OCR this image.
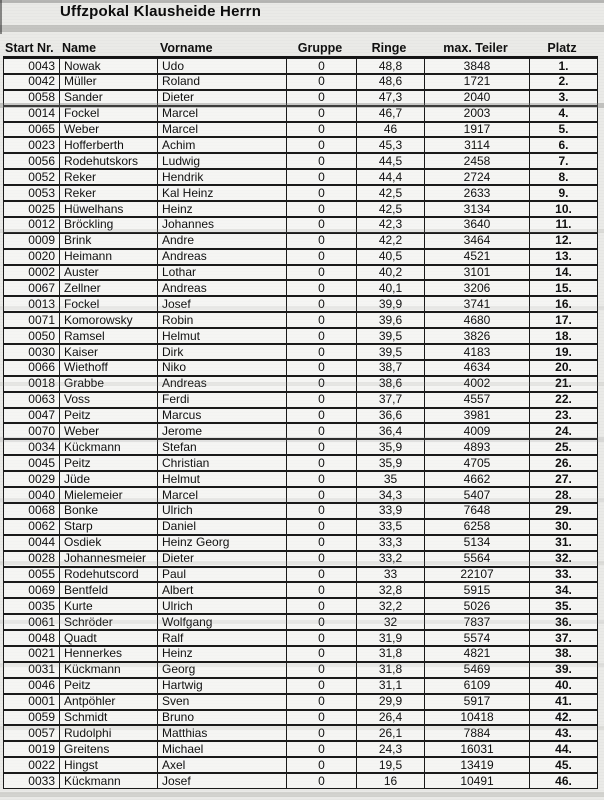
Uffzpokal Klausheide Herrn
Start Nr. Name	Vorname	Gruppe	Ringe	max. Teiler	Platz
0043 Nowak	Udo	0	48,8	3848	1.
0042 Müller	Roland	0	48,6	1721	2.
0058 Sander	Dieter	0	47,3	2040	3.
0014 Fockel	Marcel	0	46,7	2003	4.
0065 Weber	Marcel	0	46	1917	5.
0023 Hofferberth	Achim	0	45,3	3114	6.
0056 Rodehutskors	Ludwig	0	44,5	2458	7.
0052 Reker	Hendrik	0	44,4	2724	8.
0053 Reker	Kal Heinz	0	42,5	2633	9.
0025 Hüwelhans	Heinz	0	42,5	3134	10.
0012 Bröckling	Johannes	0	42,3	3640	11.
0009 Brink	Andre	0	42,2	3464	12.
0020 Heimann	Andreas	0	40,5	4521	13.
0002 Auster	Lothar	0	40,2	3101	14.
0067 Zellner	Andreas	0	40,1	3206	15.
0013 Fockel	Josef	0	39,9	3741	16.
0071 Komorowsky	Robin	0	39,6	4680	17.
0050 Ramsel	Helmut	0	39,5	3826	18.
0030 Kaiser	Dirk	0	39,5	4183	19.
0066 Wiethoff	Niko	0	38,7	4634	20.
0018 Grabbe	Andreas	0	38,6	4002	21.
0063 Voss	Ferdi	0	37,7	4557	22.
0047 Peitz	Marcus	0	36,6	3981	23.
0070 Weber	Jerome	0	36,4	4009	24.
0034 Kückmann	Stefan	0	35,9	4893	25.
0045 Peitz	Christian	0	35,9	4705	26.
0029 Jüde	Helmut	0	35	4662	27.
0040 Mielemeier	Marcel	0	34,3	5407	28.
0068 Bonke	Ulrich	0	33,9	7648	29.
0062 Starp	Daniel	0	33,5	6258	30.
0044 Osdiek	Heinz Georg	0	33,3	5134	31.
0028 Johannesmeier	Dieter	0	33,2	5564	32.
0055 Rodehutscord	Paul	0	33	22107	33.
0069 Bentfeld	Albert	0	32,8	5915	34.
0035 Kurte	Ulrich	0	32,2	5026	35.
0061 Schröder	Wolfgang	0	32	7837	36.
0048 Quadt	Ralf	0	31,9	5574	37.
0021 Hennerkes	Heinz	0	31,8	4821	38.
0031 Kückmann	Georg	0	31,8	5469	39.
0046 Peitz	Hartwig	0	31,1	6109	40.
0001 Antpöhler	Sven	0	29,9	5917	41.
0059 Schmidt	Bruno	0	26,4	10418	42.
0057 Rudolphi	Matthias	0	26,1	7884	43.
0019 Greitens	Michael	0	24,3	16031	44.
0022 Hingst	Axel	0	19,5	13419	45.
0033 Kückmann	Josef	0	16	10491	46.
